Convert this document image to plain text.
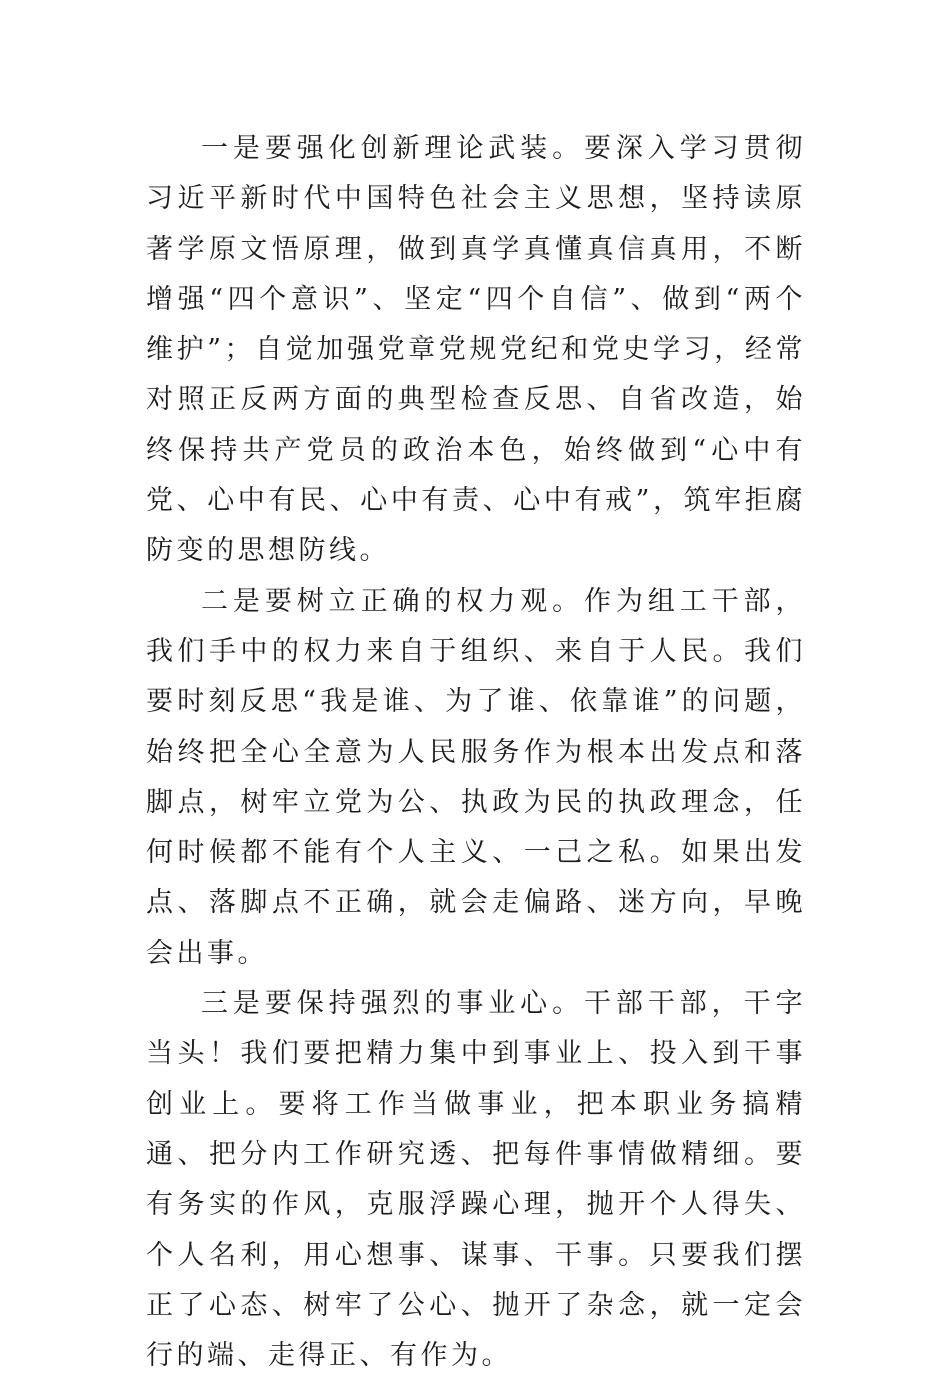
一是要强化创新理论武装。要深入学习贯彻习近平新时代中国特色社会主义思想，坚持读原著学原文悟原理，做到真学真懂真信真用，不断增强“四个意识”、坚定“四个自信”、做到“两个维护”；自觉加强党章党规党纪和党史学习，经常对照正反两方面的典型检查反思、自省改造，始终保持共产党员的政治本色，始终做到“心中有党、心中有民、心中有责、心中有戒”，筑牢拒腐防变的思想防线。

二是要树立正确的权力观。作为组工干部，我们手中的权力来自于组织、来自于人民。我们要时刻反思“我是谁、为了谁、依靠谁”的问题，始终把全心全意为人民服务作为根本出发点和落脚点，树牢立党为公、执政为民的执政理念，任何时候都不能有个人主义、一己之私。如果出发点、落脚点不正确，就会走偏路、迷方向，早晚会出事。

三是要保持强烈的事业心。干部干部，干字当头！我们要把精力集中到事业上、投入到干事创业上。要将工作当做事业，把本职业务搞精通、把分内工作研究透、把每件事情做精细。要有务实的作风，克服浮躁心理，抛开个人得失、个人名利，用心想事、谋事、干事。只要我们摆正了心态、树牢了公心、抛开了杂念，就一定会行的端、走得正、有作为。
